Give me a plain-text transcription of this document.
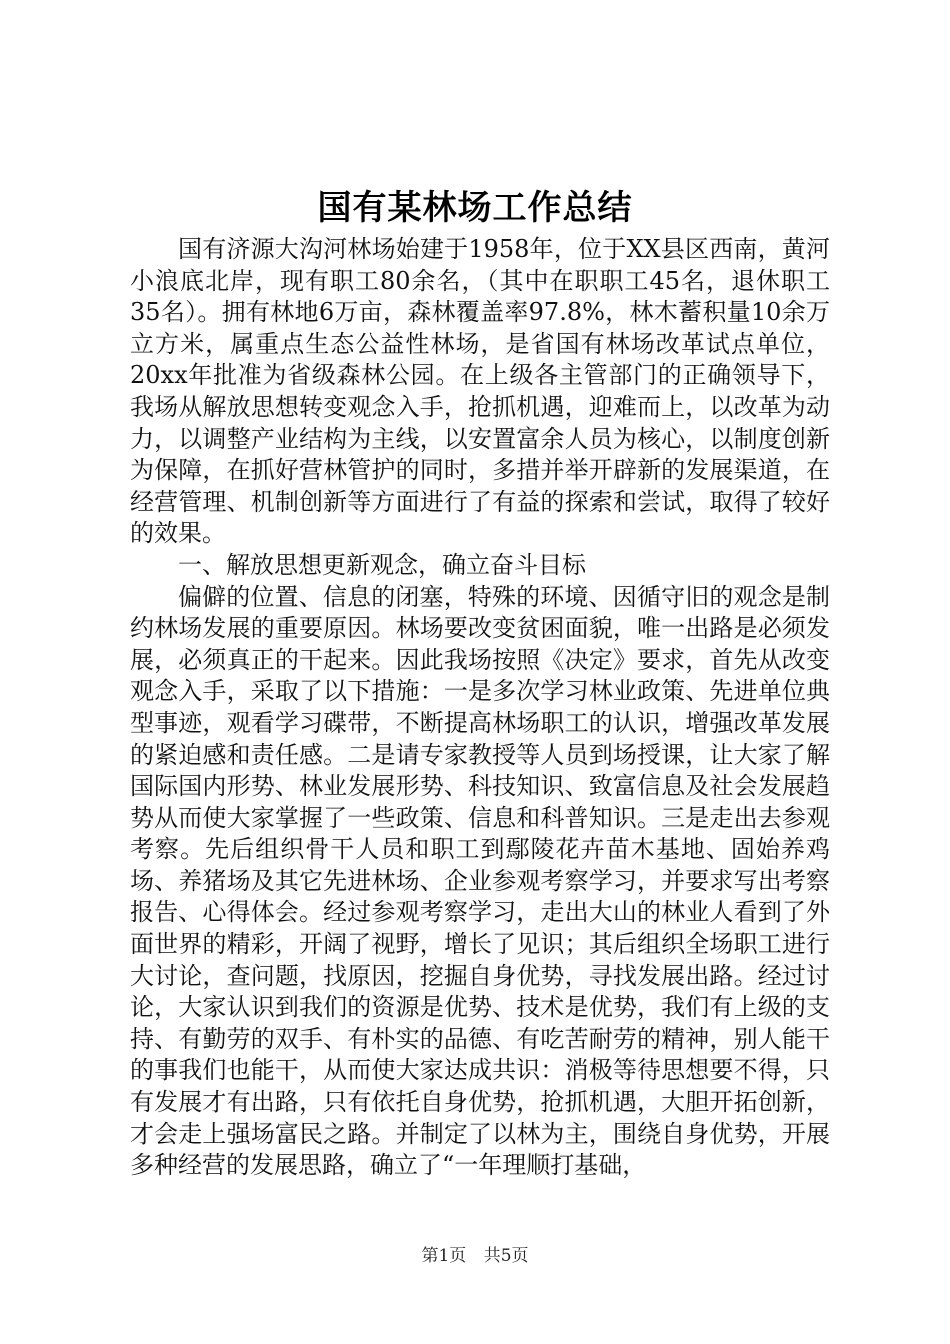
国有某林场工作总结

国有济源大沟河林场始建于1958年，位于XX县区西南，黄河小浪底北岸，现有职工80余名，（其中在职职工45名，退休职工35名）。拥有林地6万亩，森林覆盖率97.8%，林木蓄积量10余万立方米，属重点生态公益性林场，是省国有林场改革试点单位，20xx年批准为省级森林公园。在上级各主管部门的正确领导下，我场从解放思想转变观念入手，抢抓机遇，迎难而上，以改革为动力，以调整产业结构为主线，以安置富余人员为核心，以制度创新为保障，在抓好营林管护的同时，多措并举开辟新的发展渠道，在经营管理、机制创新等方面进行了有益的探索和尝试，取得了较好的效果。

一、解放思想更新观念，确立奋斗目标

偏僻的位置、信息的闭塞，特殊的环境、因循守旧的观念是制约林场发展的重要原因。林场要改变贫困面貌，唯一出路是必须发展，必须真正的干起来。因此我场按照《决定》要求，首先从改变观念入手，采取了以下措施：一是多次学习林业政策、先进单位典型事迹，观看学习碟带，不断提高林场职工的认识，增强改革发展的紧迫感和责任感。二是请专家教授等人员到场授课，让大家了解国际国内形势、林业发展形势、科技知识、致富信息及社会发展趋势从而使大家掌握了一些政策、信息和科普知识。三是走出去参观考察。先后组织骨干人员和职工到鄢陵花卉苗木基地、固始养鸡场、养猪场及其它先进林场、企业参观考察学习，并要求写出考察报告、心得体会。经过参观考察学习，走出大山的林业人看到了外面世界的精彩，开阔了视野，增长了见识；其后组织全场职工进行大讨论，查问题，找原因，挖掘自身优势，寻找发展出路。经过讨论，大家认识到我们的资源是优势、技术是优势，我们有上级的支持、有勤劳的双手、有朴实的品德、有吃苦耐劳的精神，别人能干的事我们也能干，从而使大家达成共识：消极等待思想要不得，只有发展才有出路，只有依托自身优势，抢抓机遇，大胆开拓创新，才会走上强场富民之路。并制定了以林为主，围绕自身优势，开展多种经营的发展思路，确立了“一年理顺打基础，

第1页 共5页
